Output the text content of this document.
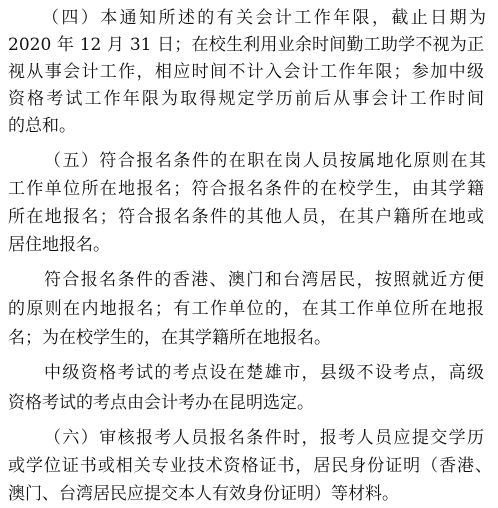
（四）本通知所述的有关会计工作年限，截止日期为
2020 年 12 月 31 日；在校生利用业余时间勤工助学不视为正
视从事会计工作，相应时间不计入会计工作年限；参加中级
资格考试工作年限为取得规定学历前后从事会计工作时间
的总和。
（五）符合报名条件的在职在岗人员按属地化原则在其
工作单位所在地报名；符合报名条件的在校学生，由其学籍
所在地报名；符合报名条件的其他人员，在其户籍所在地或
居住地报名。
符合报名条件的香港、澳门和台湾居民，按照就近方便
的原则在内地报名；有工作单位的，在其工作单位所在地报
名；为在校学生的，在其学籍所在地报名。
中级资格考试的考点设在楚雄市，县级不设考点，高级
资格考试的考点由会计考办在昆明选定。
（六）审核报考人员报名条件时，报考人员应提交学历
或学位证书或相关专业技术资格证书，居民身份证明（香港、
澳门、台湾居民应提交本人有效身份证明）等材料。
